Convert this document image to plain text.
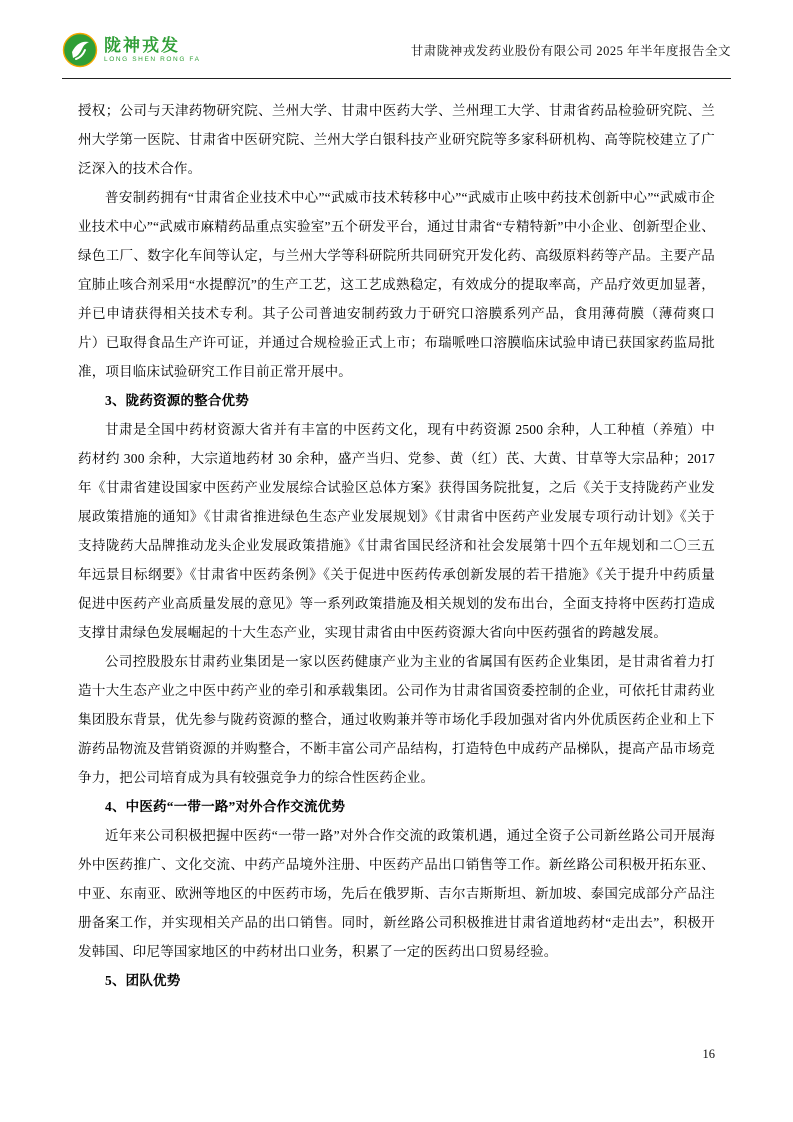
陇神戎发
LONG SHEN RONG FA
甘肃陇神戎发药业股份有限公司 2025 年半年度报告全文

授权；公司与天津药物研究院、兰州大学、甘肃中医药大学、兰州理工大学、甘肃省药品检验研究院、兰州大学第一医院、甘肃省中医研究院、兰州大学白银科技产业研究院等多家科研机构、高等院校建立了广泛深入的技术合作。

普安制药拥有“甘肃省企业技术中心”“武威市技术转移中心”“武威市止咳中药技术创新中心”“武威市企业技术中心”“武威市麻精药品重点实验室”五个研发平台，通过甘肃省“专精特新”中小企业、创新型企业、绿色工厂、数字化车间等认定，与兰州大学等科研院所共同研究开发化药、高级原料药等产品。主要产品宜肺止咳合剂采用“水提醇沉”的生产工艺，这工艺成熟稳定，有效成分的提取率高，产品疗效更加显著，并已申请获得相关技术专利。其子公司普迪安制药致力于研究口溶膜系列产品，食用薄荷膜（薄荷爽口片）已取得食品生产许可证，并通过合规检验正式上市；布瑞哌唑口溶膜临床试验申请已获国家药监局批准，项目临床试验研究工作目前正常开展中。

3、陇药资源的整合优势

甘肃是全国中药材资源大省并有丰富的中医药文化，现有中药资源 2500 余种，人工种植（养殖）中药材约 300 余种，大宗道地药材 30 余种，盛产当归、党参、黄（红）芪、大黄、甘草等大宗品种；2017 年《甘肃省建设国家中医药产业发展综合试验区总体方案》获得国务院批复，之后《关于支持陇药产业发展政策措施的通知》《甘肃省推进绿色生态产业发展规划》《甘肃省中医药产业发展专项行动计划》《关于支持陇药大品牌推动龙头企业发展政策措施》《甘肃省国民经济和社会发展第十四个五年规划和二〇三五年远景目标纲要》《甘肃省中医药条例》《关于促进中医药传承创新发展的若干措施》《关于提升中药质量促进中医药产业高质量发展的意见》等一系列政策措施及相关规划的发布出台，全面支持将中医药打造成支撑甘肃绿色发展崛起的十大生态产业，实现甘肃省由中医药资源大省向中医药强省的跨越发展。

公司控股股东甘肃药业集团是一家以医药健康产业为主业的省属国有医药企业集团，是甘肃省着力打造十大生态产业之中医中药产业的牵引和承载集团。公司作为甘肃省国资委控制的企业，可依托甘肃药业集团股东背景，优先参与陇药资源的整合，通过收购兼并等市场化手段加强对省内外优质医药企业和上下游药品物流及营销资源的并购整合，不断丰富公司产品结构，打造特色中成药产品梯队，提高产品市场竞争力，把公司培育成为具有较强竞争力的综合性医药企业。

4、中医药“一带一路”对外合作交流优势

近年来公司积极把握中医药“一带一路”对外合作交流的政策机遇，通过全资子公司新丝路公司开展海外中医药推广、文化交流、中药产品境外注册、中医药产品出口销售等工作。新丝路公司积极开拓东亚、中亚、东南亚、欧洲等地区的中医药市场，先后在俄罗斯、吉尔吉斯斯坦、新加坡、泰国完成部分产品注册备案工作，并实现相关产品的出口销售。同时，新丝路公司积极推进甘肃省道地药材“走出去”，积极开发韩国、印尼等国家地区的中药材出口业务，积累了一定的医药出口贸易经验。

5、团队优势
16
